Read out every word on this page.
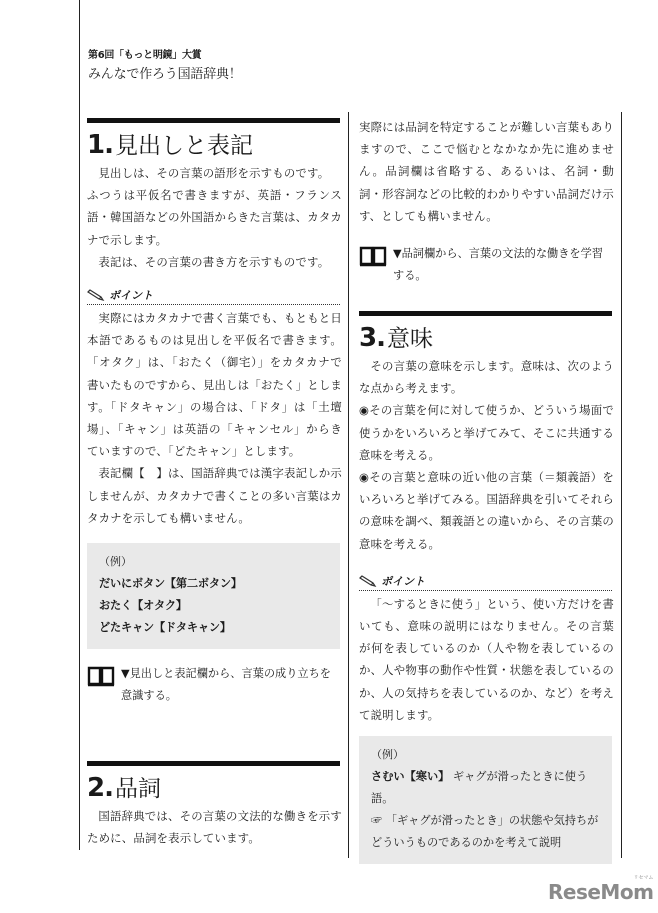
第6回「もっと明鏡」大賞
みんなで作ろう国語辞典！
1. 見出しと表記

見出しは、その言葉の語形を示すものです。

ふつうは平仮名で書きますが、英語・フランス語・韓国語などの外国語からきた言葉は、カタカナで示します。

表記は、その言葉の書き方を示すものです。

ポイント

実際にはカタカナで書く言葉でも、もともと日本語であるものは見出しを平仮名で書きます。「オタク」は、「おたく（御宅）」をカタカナで書いたものですから、見出しは「おたく」とします。「ドタキャン」の場合は、「ドタ」は「土壇場」、「キャン」は英語の「キャンセル」からきていますので、「どたキャン」とします。

表記欄【　】は、国語辞典では漢字表記しか示しませんが、カタカナで書くことの多い言葉はカタカナを示しても構いません。

（例）
だいにボタン【第二ボタン】
おたく【オタク】
どたキャン【ドタキャン】
▼見出しと表記欄から、言葉の成り立ちを意識する。
2. 品詞

国語辞典では、その言葉の文法的な働きを示すために、品詞を表示しています。

実際には品詞を特定することが難しい言葉もありますので、ここで悩むとなかなか先に進めません。品詞欄は省略する、あるいは、名詞・動詞・形容詞などの比較的わかりやすい品詞だけ示す、としても構いません。

▼品詞欄から、言葉の文法的な働きを学習する。
3. 意味

その言葉の意味を示します。意味は、次のような点から考えます。

◉その言葉を何に対して使うか、どういう場面で使うかをいろいろと挙げてみて、そこに共通する意味を考える。

◉その言葉と意味の近い他の言葉（＝類義語）をいろいろと挙げてみる。国語辞典を引いてそれらの意味を調べ、類義語との違いから、その言葉の意味を考える。

ポイント

「〜するときに使う」という、使い方だけを書いても、意味の説明にはなりません。その言葉が何を表しているのか（人や物を表しているのか、人や物事の動作や性質・状態を表しているのか、人の気持ちを表しているのか、など）を考えて説明します。

（例）
さむい【寒い】 ギャグが滑ったときに使う語。
☞ 「ギャグが滑ったとき」の状態や気持ちがどういうものであるのかを考えて説明
ReseMom
リセマム
